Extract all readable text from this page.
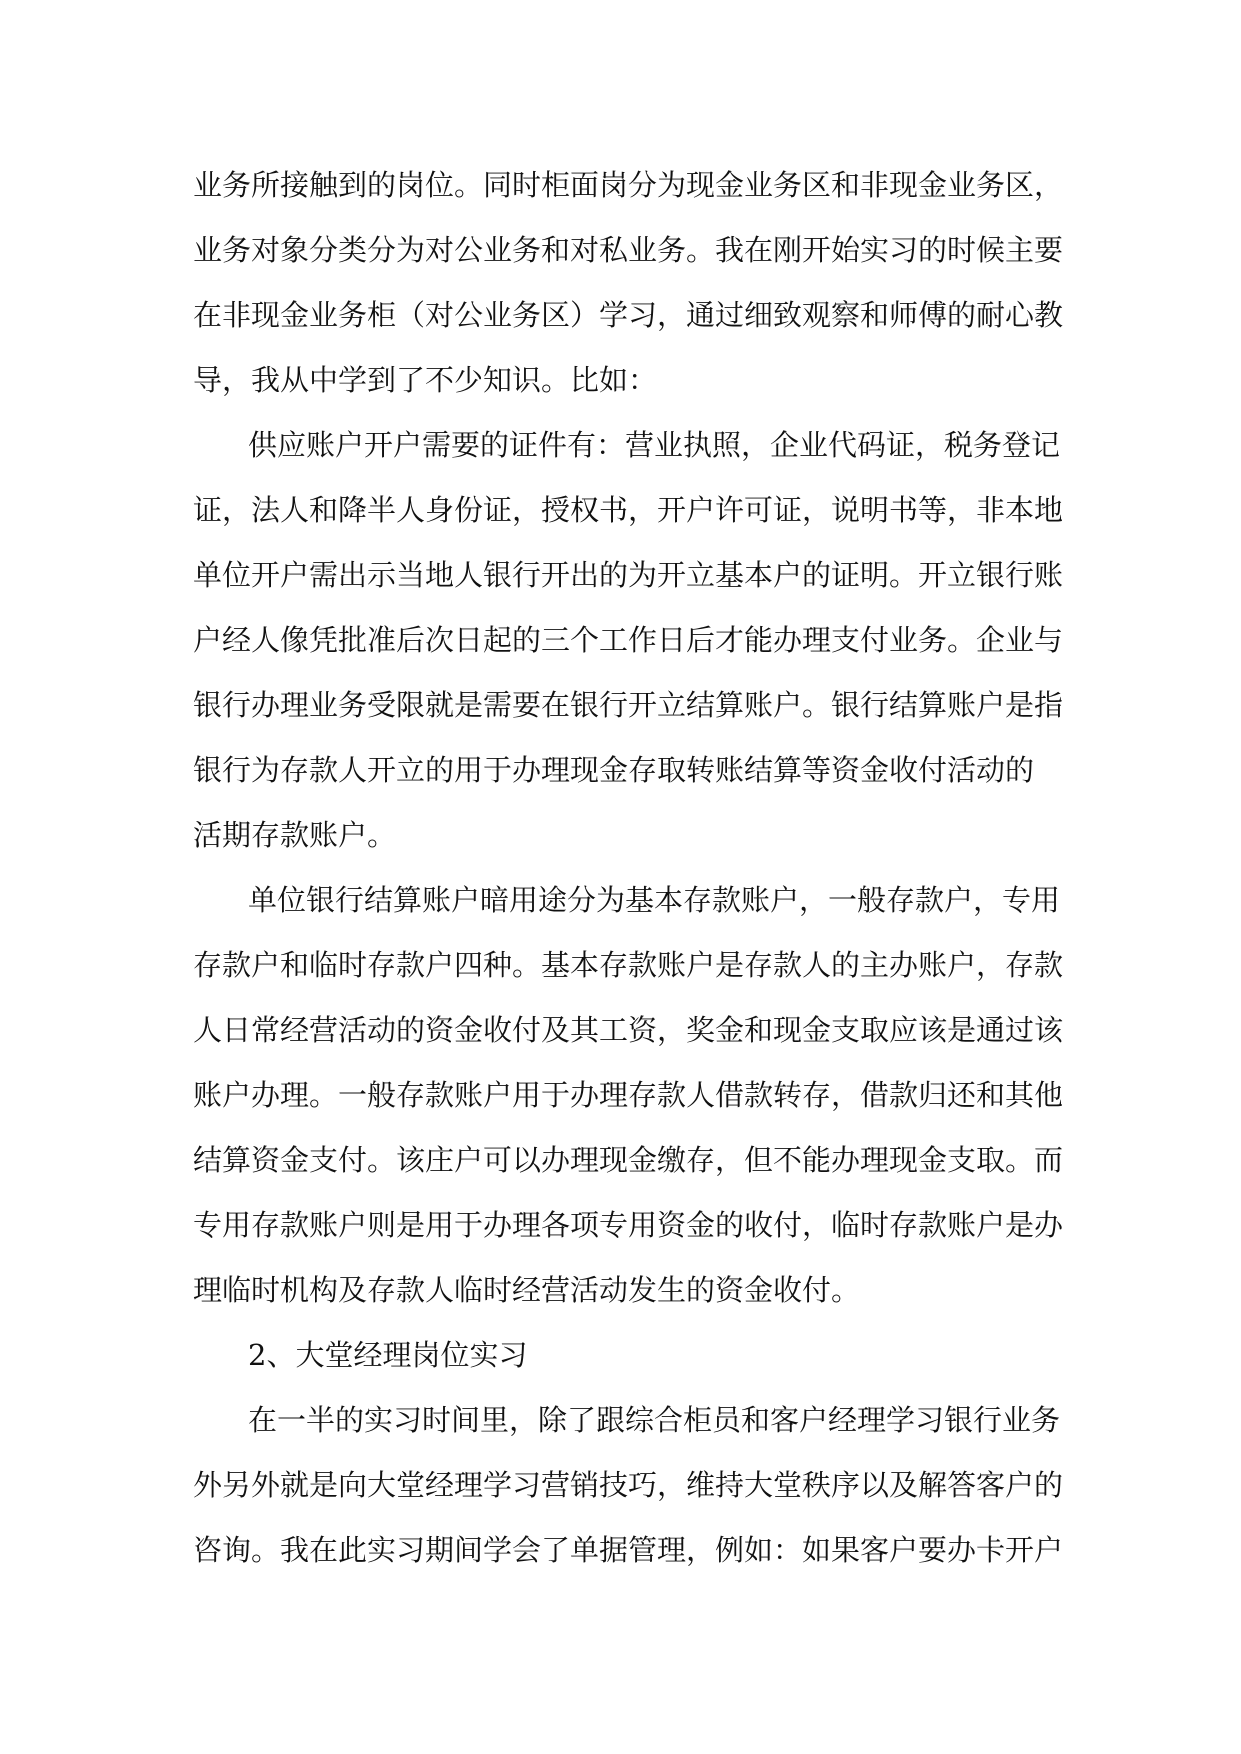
业务所接触到的岗位。同时柜面岗分为现金业务区和非现金业务区，
业务对象分类分为对公业务和对私业务。我在刚开始实习的时候主要
在非现金业务柜（对公业务区）学习，通过细致观察和师傅的耐心教
导，我从中学到了不少知识。比如：
供应账户开户需要的证件有：营业执照，企业代码证，税务登记
证，法人和降半人身份证，授权书，开户许可证，说明书等，非本地
单位开户需出示当地人银行开出的为开立基本户的证明。开立银行账
户经人像凭批准后次日起的三个工作日后才能办理支付业务。企业与
银行办理业务受限就是需要在银行开立结算账户。银行结算账户是指
银行为存款人开立的用于办理现金存取转账结算等资金收付活动的
活期存款账户。
单位银行结算账户暗用途分为基本存款账户，一般存款户，专用
存款户和临时存款户四种。基本存款账户是存款人的主办账户，存款
人日常经营活动的资金收付及其工资，奖金和现金支取应该是通过该
账户办理。一般存款账户用于办理存款人借款转存，借款归还和其他
结算资金支付。该庄户可以办理现金缴存，但不能办理现金支取。而
专用存款账户则是用于办理各项专用资金的收付，临时存款账户是办
理临时机构及存款人临时经营活动发生的资金收付。
2、大堂经理岗位实习
在一半的实习时间里，除了跟综合柜员和客户经理学习银行业务
外另外就是向大堂经理学习营销技巧，维持大堂秩序以及解答客户的
咨询。我在此实习期间学会了单据管理，例如：如果客户要办卡开户
